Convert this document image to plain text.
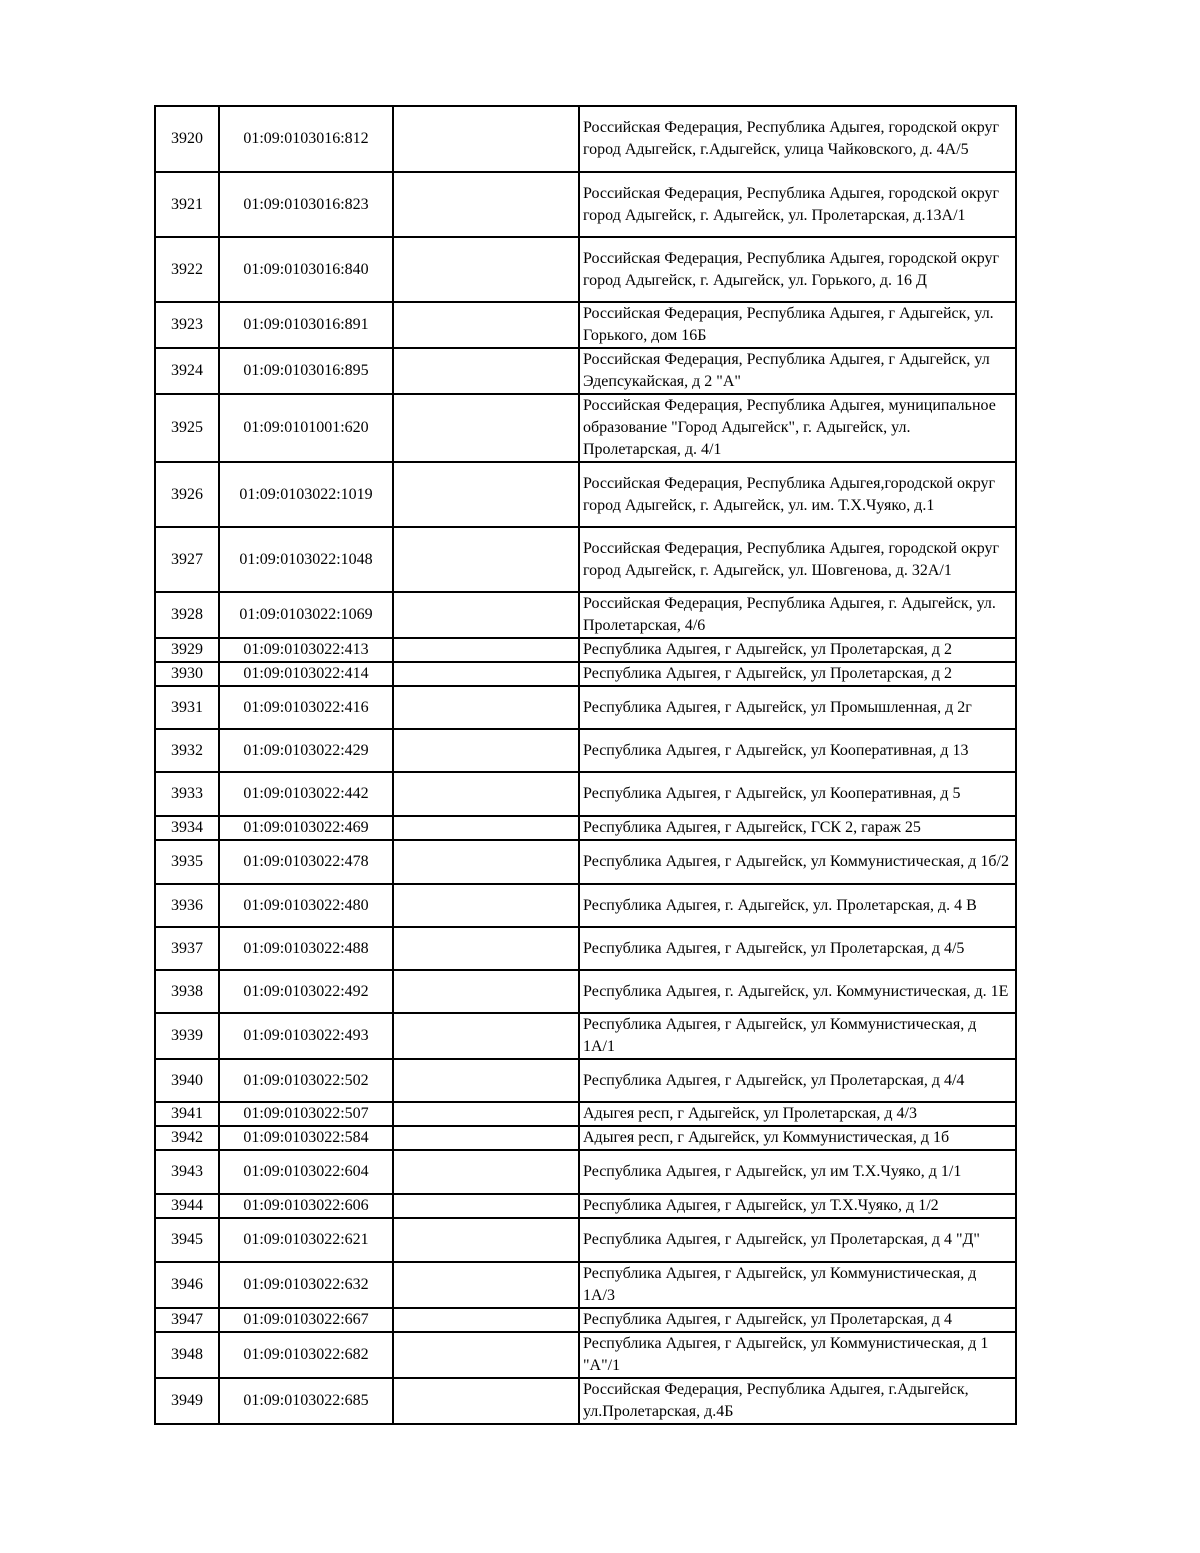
3920	01:09:0103016:812		Российская Федерация, Республика Адыгея, городской округ город Адыгейск, г.Адыгейск, улица Чайковского, д. 4А/5
3921	01:09:0103016:823		Российская Федерация, Республика Адыгея, городской округ город Адыгейск, г. Адыгейск, ул. Пролетарская, д.13А/1
3922	01:09:0103016:840		Российская Федерация, Республика Адыгея, городской округ город Адыгейск, г. Адыгейск, ул. Горького, д. 16 Д
3923	01:09:0103016:891		Российская Федерация, Республика Адыгея, г Адыгейск, ул. Горького, дом 16Б
3924	01:09:0103016:895		Российская Федерация, Республика Адыгея, г Адыгейск, ул Эдепсукайская, д 2 "А"
3925	01:09:0101001:620		Российская Федерация, Республика Адыгея, муниципальное образование "Город Адыгейск", г. Адыгейск, ул. Пролетарская, д. 4/1
3926	01:09:0103022:1019		Российская Федерация, Республика Адыгея,городской округ город Адыгейск, г. Адыгейск, ул. им. Т.Х.Чуяко, д.1
3927	01:09:0103022:1048		Российская Федерация, Республика Адыгея, городской округ город Адыгейск, г. Адыгейск, ул. Шовгенова, д. 32А/1
3928	01:09:0103022:1069		Российская Федерация, Республика Адыгея, г. Адыгейск, ул. Пролетарская, 4/6
3929	01:09:0103022:413		Республика Адыгея, г Адыгейск, ул Пролетарская, д 2
3930	01:09:0103022:414		Республика Адыгея, г Адыгейск, ул Пролетарская, д 2
3931	01:09:0103022:416		Республика Адыгея, г Адыгейск, ул Промышленная, д 2г
3932	01:09:0103022:429		Республика Адыгея, г Адыгейск, ул Кооперативная, д 13
3933	01:09:0103022:442		Республика Адыгея, г Адыгейск, ул Кооперативная, д 5
3934	01:09:0103022:469		Республика Адыгея, г Адыгейск, ГСК 2, гараж 25
3935	01:09:0103022:478		Республика Адыгея, г Адыгейск, ул Коммунистическая, д 1б/2
3936	01:09:0103022:480		Республика Адыгея, г. Адыгейск, ул. Пролетарская, д. 4 В
3937	01:09:0103022:488		Республика Адыгея, г Адыгейск, ул Пролетарская, д 4/5
3938	01:09:0103022:492		Республика Адыгея, г. Адыгейск, ул. Коммунистическая, д. 1Е
3939	01:09:0103022:493		Республика Адыгея, г Адыгейск, ул Коммунистическая, д 1А/1
3940	01:09:0103022:502		Республика Адыгея, г Адыгейск, ул Пролетарская, д 4/4
3941	01:09:0103022:507		Адыгея респ, г Адыгейск, ул Пролетарская, д 4/3
3942	01:09:0103022:584		Адыгея респ, г Адыгейск, ул Коммунистическая, д 1б
3943	01:09:0103022:604		Республика Адыгея, г Адыгейск, ул им Т.Х.Чуяко, д 1/1
3944	01:09:0103022:606		Республика Адыгея, г Адыгейск, ул Т.Х.Чуяко, д 1/2
3945	01:09:0103022:621		Республика Адыгея, г Адыгейск, ул Пролетарская, д 4 "Д"
3946	01:09:0103022:632		Республика Адыгея, г Адыгейск, ул Коммунистическая, д 1А/3
3947	01:09:0103022:667		Республика Адыгея, г Адыгейск, ул Пролетарская, д 4
3948	01:09:0103022:682		Республика Адыгея, г Адыгейск, ул Коммунистическая, д 1 "А"/1
3949	01:09:0103022:685		Российская Федерация, Республика Адыгея, г.Адыгейск, ул.Пролетарская, д.4Б
